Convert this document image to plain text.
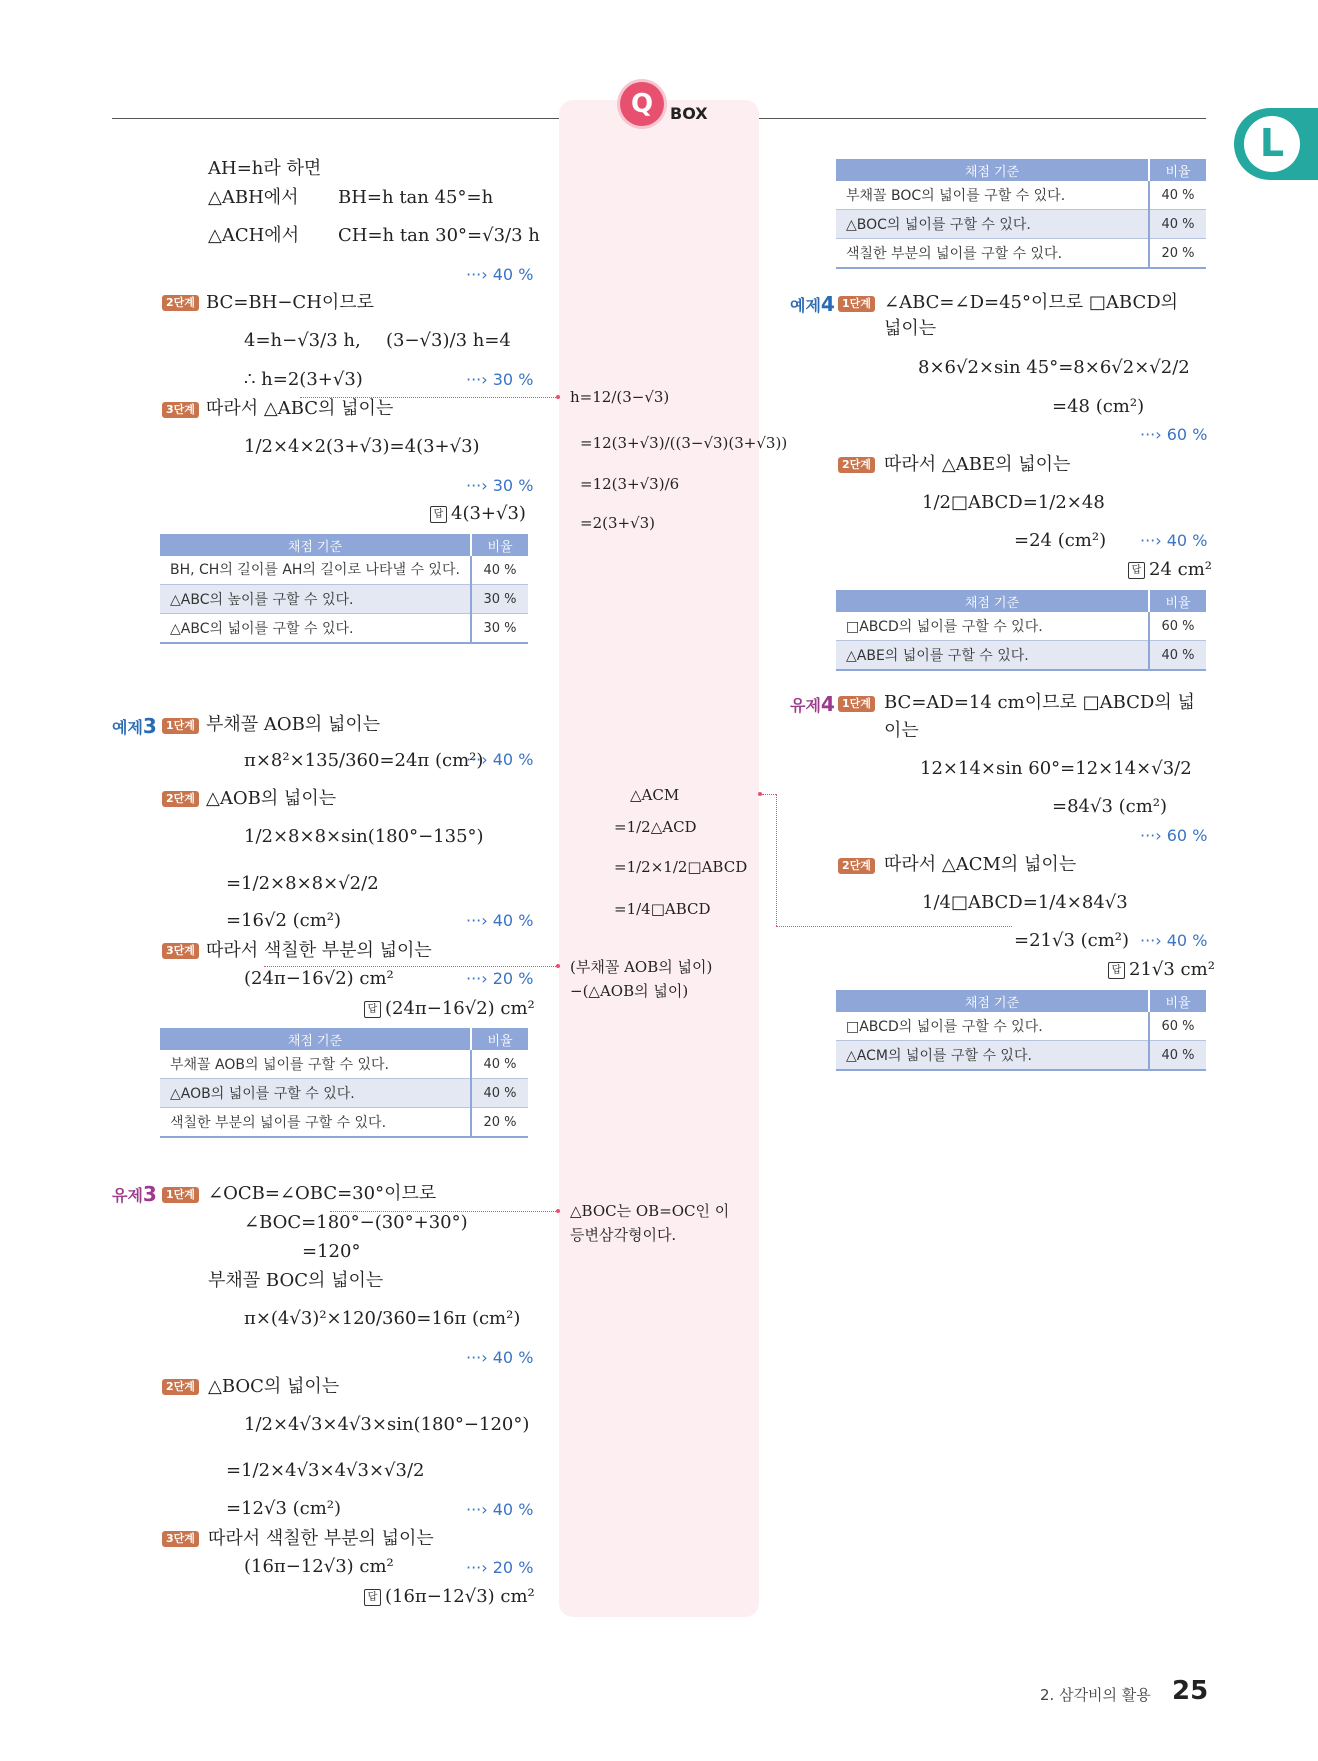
Q	BOX
L
AH=h라 하면
△ABH에서 BH=h tan 45°=h
△ACH에서 CH=h tan 30°=√3/3 h
···› 40 %
2단계 BC=BH−CH이므로
4=h−√3/3 h, (3−√3)/3 h=4
∴ h=2(3+√3)	···› 30 %
3단계 따라서 △ABC의 넓이는
1/2×4×2(3+√3)=4(3+√3)
···› 30 %
답 4(3+√3)
채점 기준	비율
BH, CH의 길이를 AH의 길이로 나타낼 수 있다.	40 %
△ABC의 높이를 구할 수 있다.	30 %
△ABC의 넓이를 구할 수 있다.	30 %
예제3 1단계 부채꼴 AOB의 넓이는
π×8²×135/360=24π (cm²)
···› 40 %
2단계 △AOB의 넓이는
1/2×8×8×sin(180°−135°)
=1/2×8×8×√2/2
=16√2 (cm²)	···› 40 %
3단계 따라서 색칠한 부분의 넓이는
(24π−16√2) cm²	···› 20 %
답 (24π−16√2) cm²
채점 기준	비율
부채꼴 AOB의 넓이를 구할 수 있다.	40 %
△AOB의 넓이를 구할 수 있다.	40 %
색칠한 부분의 넓이를 구할 수 있다.	20 %
유제3 1단계 ∠OCB=∠OBC=30°이므로
∠BOC=180°−(30°+30°)
=120°
부채꼴 BOC의 넓이는
π×(4√3)²×120/360=16π (cm²)
···› 40 %
2단계 △BOC의 넓이는
1/2×4√3×4√3×sin(180°−120°)
=1/2×4√3×4√3×√3/2
=12√3 (cm²)	···› 40 %
3단계 따라서 색칠한 부분의 넓이는
(16π−12√3) cm²	···› 20 %
답 (16π−12√3) cm²
h=12/(3−√3)
=12(3+√3)/((3−√3)(3+√3))
=12(3+√3)/6
=2(3+√3)
△ACM
=1/2△ACD
=1/2×1/2□ABCD
=1/4□ABCD
(부채꼴 AOB의 넓이)
−(△AOB의 넓이)
△BOC는 OB=OC인 이
등변삼각형이다.
채점 기준	비율
부채꼴 BOC의 넓이를 구할 수 있다.	40 %
△BOC의 넓이를 구할 수 있다.	40 %
색칠한 부분의 넓이를 구할 수 있다.	20 %
예제4 1단계 ∠ABC=∠D=45°이므로 □ABCD의
넓이는
8×6√2×sin 45°=8×6√2×√2/2
=48 (cm²)
···› 60 %
2단계 따라서 △ABE의 넓이는
1/2□ABCD=1/2×48
=24 (cm²) ···› 40 %
답 24 cm²
채점 기준	비율
□ABCD의 넓이를 구할 수 있다.	60 %
△ABE의 넓이를 구할 수 있다.	40 %
유제4 1단계 BC=AD=14 cm이므로 □ABCD의 넓
이는
12×14×sin 60°=12×14×√3/2
=84√3 (cm²)
···› 60 %
2단계 따라서 △ACM의 넓이는
1/4□ABCD=1/4×84√3
=21√3 (cm²) ···› 40 %
답 21√3 cm²
채점 기준	비율
□ABCD의 넓이를 구할 수 있다.	60 %
△ACM의 넓이를 구할 수 있다.	40 %
2. 삼각비의 활용 25
